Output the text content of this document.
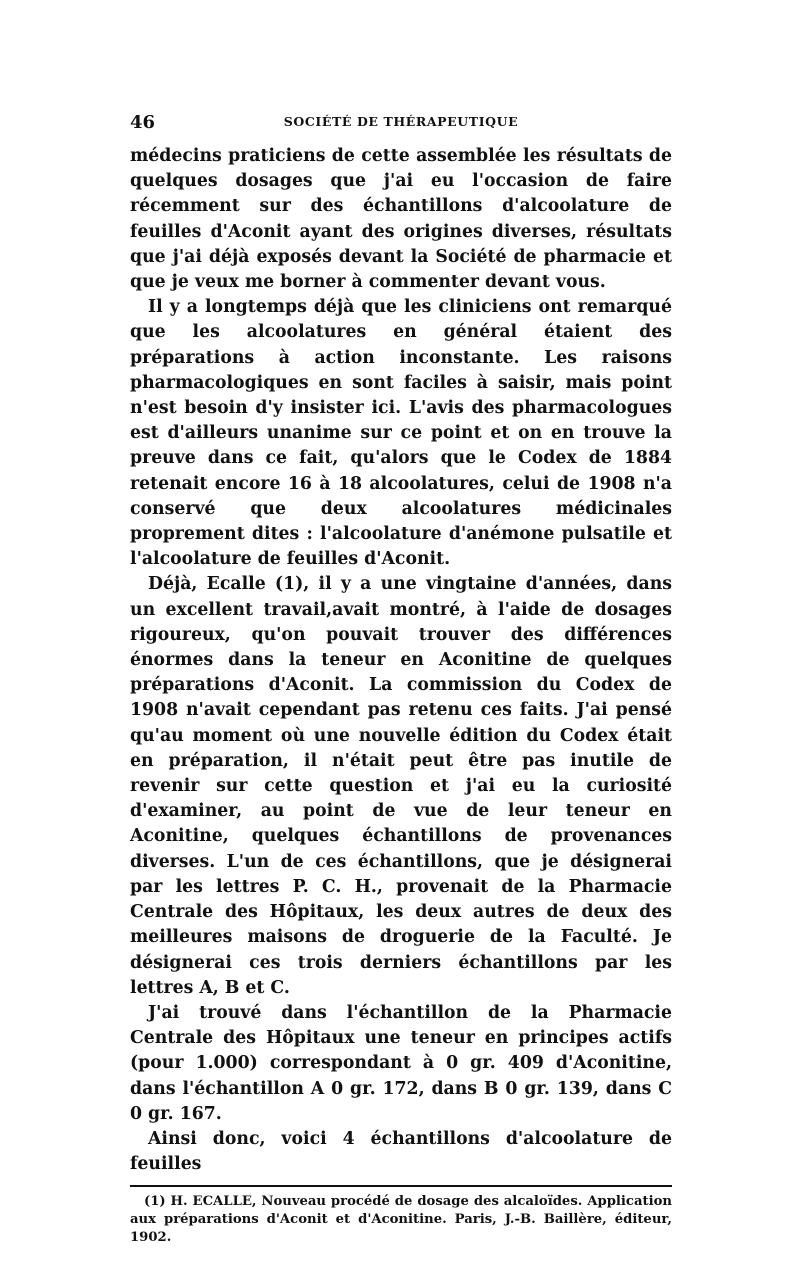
46	SOCIÉTÉ DE THÉRAPEUTIQUE

médecins praticiens de cette assemblée les résultats de quelques dosages que j'ai eu l'occasion de faire récemment sur des échantillons d'alcoolature de feuilles d'Aconit ayant des origines diverses, résultats que j'ai déjà exposés devant la Société de pharmacie et que je veux me borner à commenter devant vous.

Il y a longtemps déjà que les cliniciens ont remarqué que les alcoolatures en général étaient des préparations à action inconstante. Les raisons pharmacologiques en sont faciles à saisir, mais point n'est besoin d'y insister ici. L'avis des pharmacologues est d'ailleurs unanime sur ce point et on en trouve la preuve dans ce fait, qu'alors que le Codex de 1884 retenait encore 16 à 18 alcoolatures, celui de 1908 n'a conservé que deux alcoolatures médicinales proprement dites : l'alcoolature d'anémone pulsatile et l'alcoolature de feuilles d'Aconit.

Déjà, Ecalle (1), il y a une vingtaine d'années, dans un excellent travail,avait montré, à l'aide de dosages rigoureux, qu'on pouvait trouver des différences énormes dans la teneur en Aconitine de quelques préparations d'Aconit. La commission du Codex de 1908 n'avait cependant pas retenu ces faits. J'ai pensé qu'au moment où une nouvelle édition du Codex était en préparation, il n'était peut être pas inutile de revenir sur cette question et j'ai eu la curiosité d'examiner, au point de vue de leur teneur en Aconitine, quelques échantillons de provenances diverses. L'un de ces échantillons, que je désignerai par les lettres P. C. H., provenait de la Pharmacie Centrale des Hôpitaux, les deux autres de deux des meilleures maisons de droguerie de la Faculté. Je désignerai ces trois derniers échantillons par les lettres A, B et C.

J'ai trouvé dans l'échantillon de la Pharmacie Centrale des Hôpitaux une teneur en principes actifs (pour 1.000) correspondant à 0 gr. 409 d'Aconitine, dans l'échantillon A 0 gr. 172, dans B 0 gr. 139, dans C 0 gr. 167.

Ainsi donc, voici 4 échantillons d'alcoolature de feuilles

(1) H. ECALLE, Nouveau procédé de dosage des alcaloïdes. Application aux préparations d'Aconit et d'Aconitine. Paris, J.-B. Baillère, éditeur, 1902.
